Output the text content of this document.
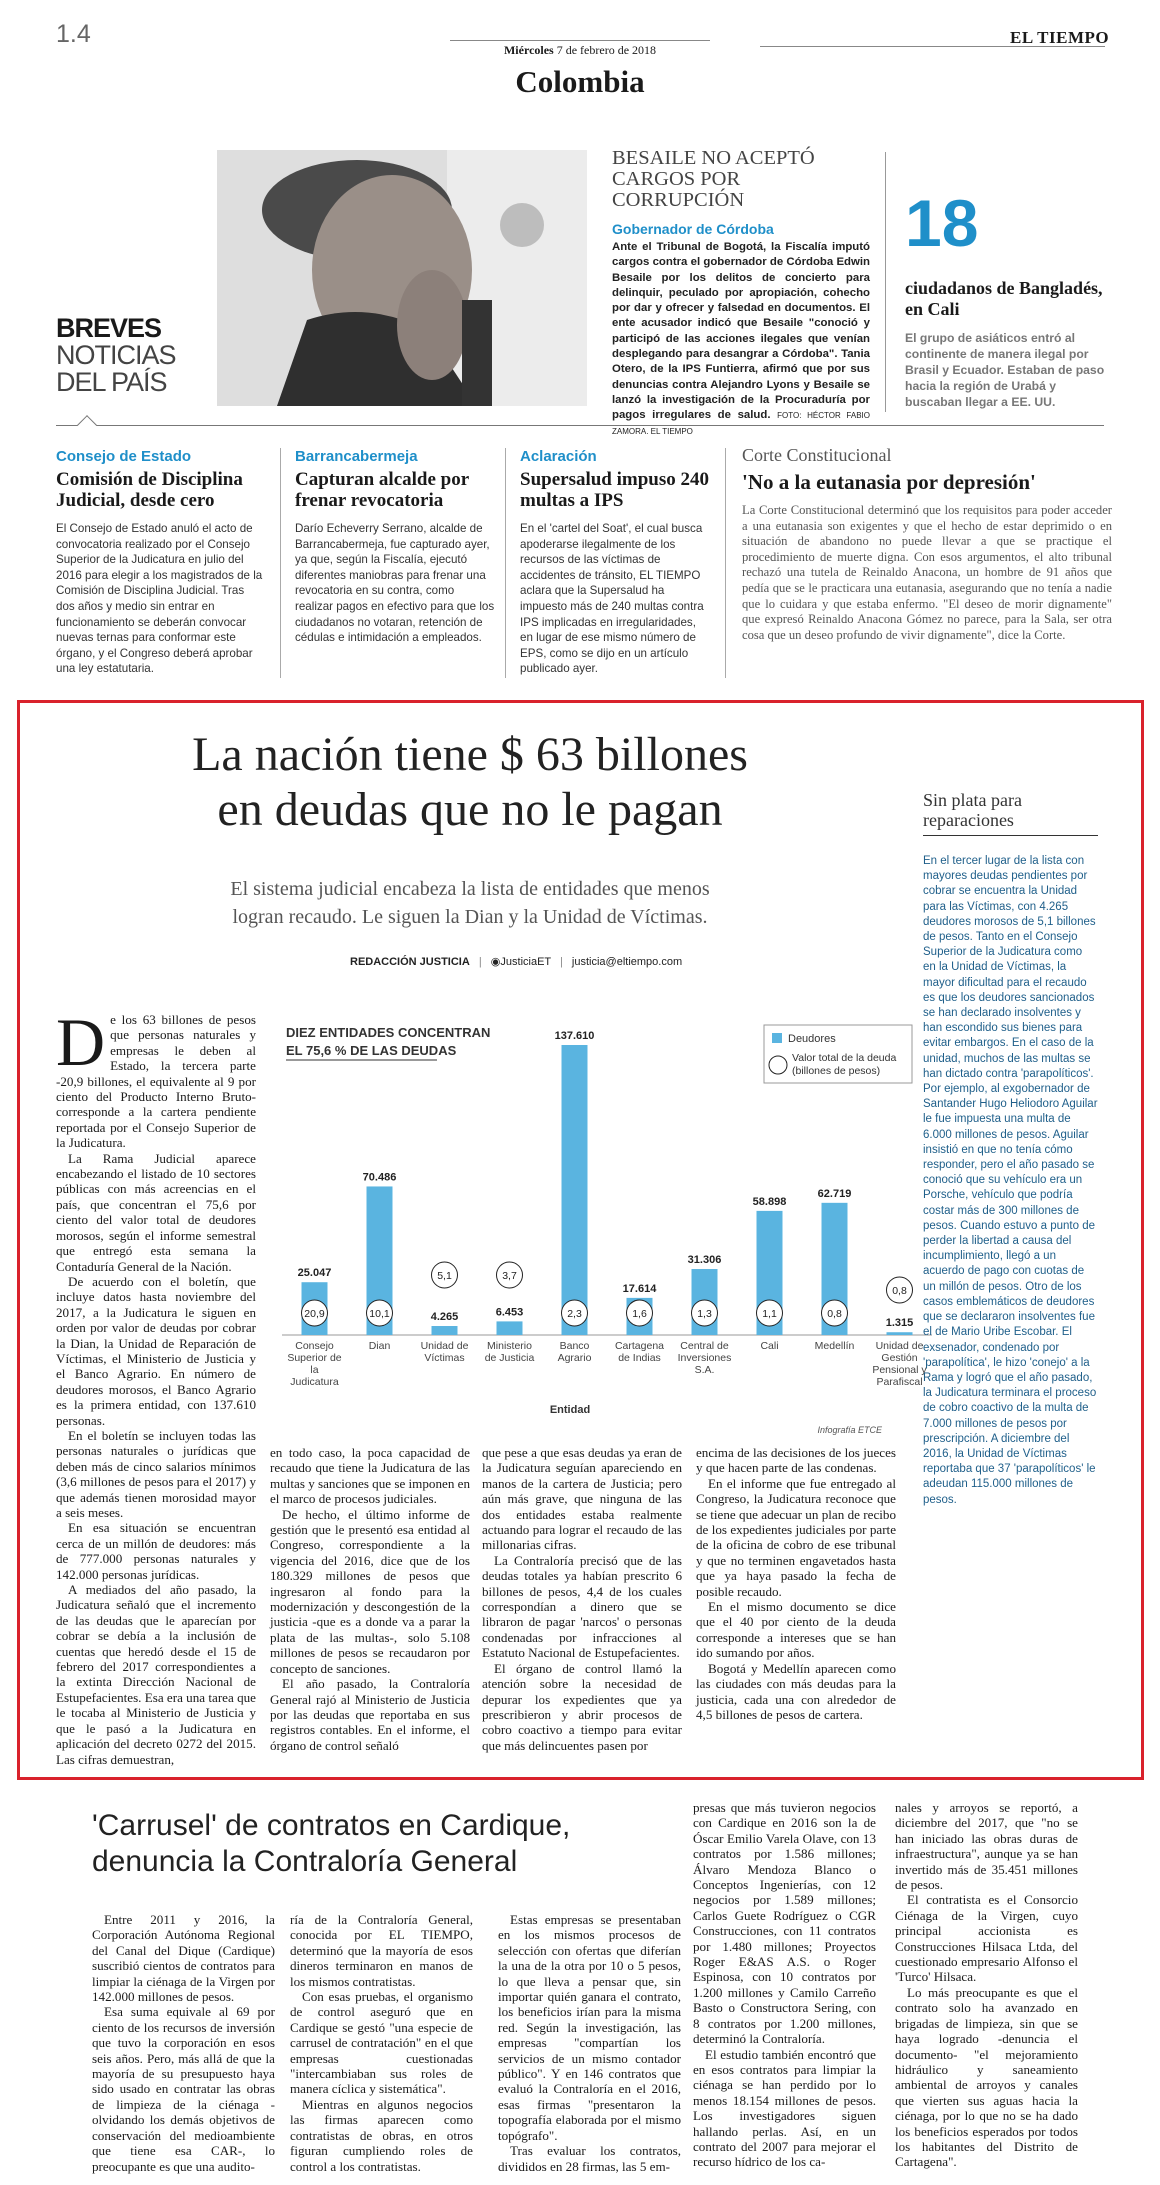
1.4
Miércoles 7 de febrero de 2018
EL TIEMPO
Colombia
BREVES
NOTICIAS
DEL PAÍS
BESAILE NO ACEPTÓ CARGOS POR CORRUPCIÓN
Gobernador de Córdoba
Ante el Tribunal de Bogotá, la Fiscalía imputó cargos contra el gobernador de Córdoba Edwin Besaile por los delitos de concierto para delinquir, peculado por apropiación, cohecho por dar y ofrecer y falsedad en documentos. El ente acusador indicó que Besaile "conoció y participó de las acciones ilegales que venían desplegando para desangrar a Córdoba". Tania Otero, de la IPS Funtierra, afirmó que por sus denuncias contra Alejandro Lyons y Besaile se lanzó la investigación de la Procuraduría por pagos irregulares de salud. FOTO: HÉCTOR FABIO ZAMORA. EL TIEMPO
18
ciudadanos de Bangladés, en Cali
El grupo de asiáticos entró al continente de manera ilegal por Brasil y Ecuador. Estaban de paso hacia la región de Urabá y buscaban llegar a EE. UU.
Consejo de Estado
Comisión de Disciplina Judicial, desde cero
El Consejo de Estado anuló el acto de convocatoria realizado por el Consejo Superior de la Judicatura en julio del 2016 para elegir a los magistrados de la Comisión de Disciplina Judicial. Tras dos años y medio sin entrar en funcionamiento se deberán convocar nuevas ternas para conformar este órgano, y el Congreso deberá aprobar una ley estatutaria.
Barrancabermeja
Capturan alcalde por frenar revocatoria
Darío Echeverry Serrano, alcalde de Barrancabermeja, fue capturado ayer, ya que, según la Fiscalía, ejecutó diferentes maniobras para frenar una revocatoria en su contra, como realizar pagos en efectivo para que los ciudadanos no votaran, retención de cédulas e intimidación a empleados.
Aclaración
Supersalud impuso 240 multas a IPS
En el 'cartel del Soat', el cual busca apoderarse ilegalmente de los recursos de las víctimas de accidentes de tránsito, EL TIEMPO aclara que la Supersalud ha impuesto más de 240 multas contra IPS implicadas en irregularidades, en lugar de ese mismo número de EPS, como se dijo en un artículo publicado ayer.
Corte Constitucional
'No a la eutanasia por depresión'
La Corte Constitucional determinó que los requisitos para poder acceder a una eutanasia son exigentes y que el hecho de estar deprimido o en situación de abandono no puede llevar a que se practique el procedimiento de muerte digna. Con esos argumentos, el alto tribunal rechazó una tutela de Reinaldo Anacona, un hombre de 91 años que pedía que se le practicara una eutanasia, asegurando que no tenía a nadie que lo cuidara y que estaba enfermo. "El deseo de morir dignamente" que expresó Reinaldo Anacona Gómez no parece, para la Sala, ser otra cosa que un deseo profundo de vivir dignamente", dice la Corte.
La nación tiene $ 63 billones
en deudas que no le pagan
El sistema judicial encabeza la lista de entidades que menos
logran recaudo. Le siguen la Dian y la Unidad de Víctimas.
REDACCIÓN JUSTICIA | ◉JusticiaET | justicia@eltiempo.com

De los 63 billones de pesos que personas naturales y empresas le deben al Estado, la tercera parte -20,9 billones, el equivalente al 9 por ciento del Producto Interno Bruto- corresponde a la cartera pendiente reportada por el Consejo Superior de la Judicatura.

La Rama Judicial aparece encabezando el listado de 10 sectores públicas con más acreencias en el país, que concentran el 75,6 por ciento del valor total de deudores morosos, según el informe semestral que entregó esta semana la Contaduría General de la Nación.

De acuerdo con el boletín, que incluye datos hasta noviembre del 2017, a la Judicatura le siguen en orden por valor de deudas por cobrar la Dian, la Unidad de Reparación de Víctimas, el Ministerio de Justicia y el Banco Agrario. En número de deudores morosos, el Banco Agrario es la primera entidad, con 137.610 personas.

En el boletín se incluyen todas las personas naturales o jurídicas que deben más de cinco salarios mínimos (3,6 millones de pesos para el 2017) y que además tienen morosidad mayor a seis meses.

En esa situación se encuentran cerca de un millón de deudores: más de 777.000 personas naturales y 142.000 personas jurídicas.

A mediados del año pasado, la Judicatura señaló que el incremento de las deudas que le aparecían por cobrar se debía a la inclusión de cuentas que heredó desde el 15 de febrero del 2017 correspondientes a la extinta Dirección Nacional de Estupefacientes. Esa era una tarea que le tocaba al Ministerio de Justicia y que le pasó a la Judicatura en aplicación del decreto 0272 del 2015. Las cifras demuestran,

DIEZ ENTIDADES CONCENTRAN
EL 75,6 % DE LAS DEUDAS
25.047
20,9
Consejo
Superior de
la
Judicatura
70.486
10,1
Dian
4.265
5,1
Unidad de
Víctimas
6.453
3,7
Ministerio
de Justicia
137.610
2,3
Banco
Agrario
17.614
1,6
Cartagena
de Indias
31.306
1,3
Central de
Inversiones
S.A.
58.898
1,1
Cali
62.719
0,8
Medellín
1.315
0,8
Unidad de
Gestión
Pensional y
Parafiscal
Entidad
Infografía ETCE
Deudores
Valor total de la deuda
(billones de pesos)

en todo caso, la poca capacidad de recaudo que tiene la Judicatura de las multas y sanciones que se imponen en el marco de procesos judiciales.

De hecho, el último informe de gestión que le presentó esa entidad al Congreso, correspondiente a la vigencia del 2016, dice que de los 180.329 millones de pesos que ingresaron al fondo para la modernización y descongestión de la justicia -que es a donde va a parar la plata de las multas-, solo 5.108 millones de pesos se recaudaron por concepto de sanciones.

El año pasado, la Contraloría General rajó al Ministerio de Justicia por las deudas que reportaba en sus registros contables. En el informe, el órgano de control señaló

que pese a que esas deudas ya eran de la Judicatura seguían apareciendo en manos de la cartera de Justicia; pero aún más grave, que ninguna de las dos entidades estaba realmente actuando para lograr el recaudo de las millonarias cifras.

La Contraloría precisó que de las deudas totales ya habían prescrito 6 billones de pesos, 4,4 de los cuales correspondían a dinero que se libraron de pagar 'narcos' o personas condenadas por infracciones al Estatuto Nacional de Estupefacientes.

El órgano de control llamó la atención sobre la necesidad de depurar los expedientes que ya prescribieron y abrir procesos de cobro coactivo a tiempo para evitar que más delincuentes pasen por

encima de las decisiones de los jueces y que hacen parte de las condenas.

En el informe que fue entregado al Congreso, la Judicatura reconoce que se tiene que adecuar un plan de recibo de los expedientes judiciales por parte de la oficina de cobro de ese tribunal y que no terminen engavetados hasta que ya haya pasado la fecha de posible recaudo.

En el mismo documento se dice que el 40 por ciento de la deuda corresponde a intereses que se han ido sumando por años.

Bogotá y Medellín aparecen como las ciudades con más deudas para la justicia, cada una con alrededor de 4,5 billones de pesos de cartera.

Sin plata para reparaciones
En el tercer lugar de la lista con mayores deudas pendientes por cobrar se encuentra la Unidad para las Víctimas, con 4.265 deudores morosos de 5,1 billones de pesos. Tanto en el Consejo Superior de la Judicatura como en la Unidad de Víctimas, la mayor dificultad para el recaudo es que los deudores sancionados se han declarado insolventes y han escondido sus bienes para evitar embargos. En el caso de la unidad, muchos de las multas se han dictado contra 'parapolíticos'. Por ejemplo, al exgobernador de Santander Hugo Heliodoro Aguilar le fue impuesta una multa de 6.000 millones de pesos. Aguilar insistió en que no tenía cómo responder, pero el año pasado se conoció que su vehículo era un Porsche, vehículo que podría costar más de 300 millones de pesos. Cuando estuvo a punto de perder la libertad a causa del incumplimiento, llegó a un acuerdo de pago con cuotas de un millón de pesos. Otro de los casos emblemáticos de deudores que se declararon insolventes fue el de Mario Uribe Escobar. El exsenador, condenado por 'parapolítica', le hizo 'conejo' a la Rama y logró que el año pasado, la Judicatura terminara el proceso de cobro coactivo de la multa de 7.000 millones de pesos por prescripción. A diciembre del 2016, la Unidad de Víctimas reportaba que 37 'parapolíticos' le adeudan 115.000 millones de pesos.
'Carrusel' de contratos en Cardique,
denuncia la Contraloría General

Entre 2011 y 2016, la Corporación Autónoma Regional del Canal del Dique (Cardique) suscribió cientos de contratos para limpiar la ciénaga de la Virgen por 142.000 millones de pesos.

Esa suma equivale al 69 por ciento de los recursos de inversión que tuvo la corporación en esos seis años. Pero, más allá de que la mayoría de su presupuesto haya sido usado en contratar las obras de limpieza de la ciénaga -olvidando los demás objetivos de conservación del medioambiente que tiene esa CAR-, lo preocupante es que una audito-

ría de la Contraloría General, conocida por EL TIEMPO, determinó que la mayoría de esos dineros terminaron en manos de los mismos contratistas.

Con esas pruebas, el organismo de control aseguró que en Cardique se gestó "una especie de carrusel de contratación" en el que empresas cuestionadas "intercambiaban sus roles de manera cíclica y sistemática".

Mientras en algunos negocios las firmas aparecen como contratistas de obras, en otros figuran cumpliendo roles de control a los contratistas.

Estas empresas se presentaban en los mismos procesos de selección con ofertas que diferían la una de la otra por 10 o 5 pesos, lo que lleva a pensar que, sin importar quién ganara el contrato, los beneficios irían para la misma red. Según la investigación, las empresas "compartían los servicios de un mismo contador público". Y en 146 contratos que evaluó la Contraloría en el 2016, esas firmas "presentaron la topografía elaborada por el mismo topógrafo".

Tras evaluar los contratos, divididos en 28 firmas, las 5 em-

presas que más tuvieron negocios con Cardique en 2016 son la de Óscar Emilio Varela Olave, con 13 contratos por 1.586 millones; Álvaro Mendoza Blanco o Conceptos Ingenierías, con 12 negocios por 1.589 millones; Carlos Guete Rodríguez o CGR Construcciones, con 11 contratos por 1.480 millones; Proyectos Roger E&AS A.S. o Roger Espinosa, con 10 contratos por 1.200 millones y Camilo Carreño Basto o Constructora Sering, con 8 contratos por 1.200 millones, determinó la Contraloría.

El estudio también encontró que en esos contratos para limpiar la ciénaga se han perdido por lo menos 18.154 millones de pesos. Los investigadores siguen hallando perlas. Así, en un contrato del 2007 para mejorar el recurso hídrico de los ca-

nales y arroyos se reportó, a diciembre del 2017, que "no se han iniciado las obras duras de infraestructura", aunque ya se han invertido más de 35.451 millones de pesos.

El contratista es el Consorcio Ciénaga de la Virgen, cuyo principal accionista es Construcciones Hilsaca Ltda, del cuestionado empresario Alfonso el 'Turco' Hilsaca.

Lo más preocupante es que el contrato solo ha avanzado en brigadas de limpieza, sin que se haya logrado -denuncia el documento- "el mejoramiento hidráulico y saneamiento ambiental de arroyos y canales que vierten sus aguas hacia la ciénaga, por lo que no se ha dado los beneficios esperados por todos los habitantes del Distrito de Cartagena".
